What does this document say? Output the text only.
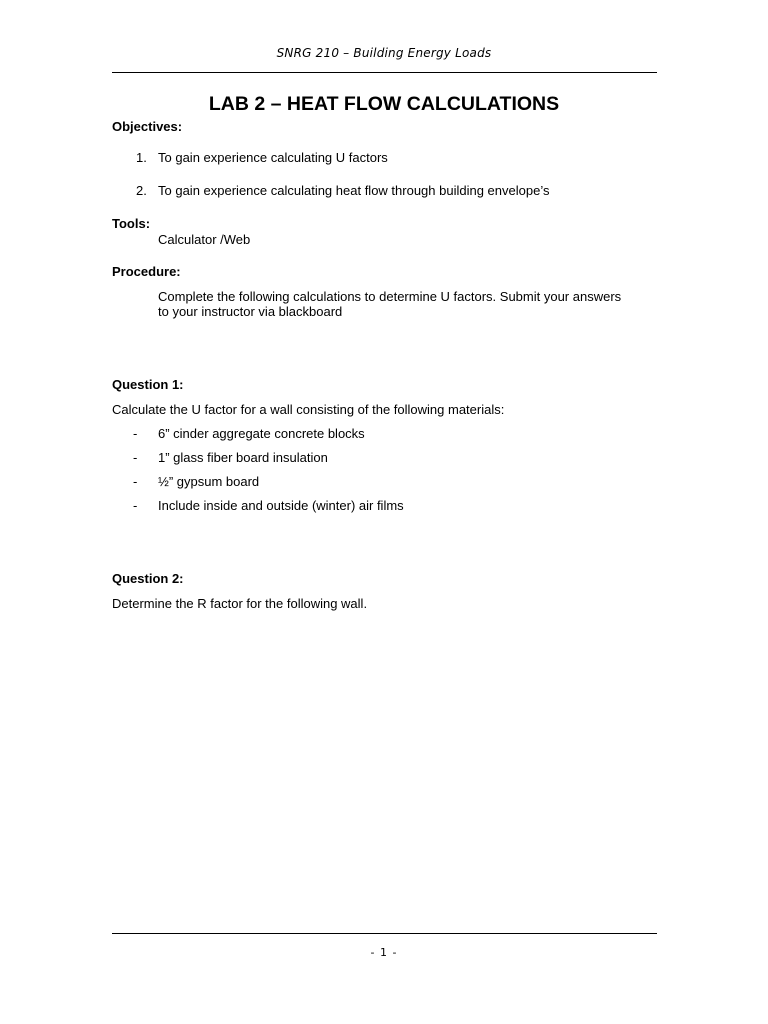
SNRG 210 – Building Energy Loads
LAB 2 – HEAT FLOW CALCULATIONS
Objectives:
1. To gain experience calculating U factors
2. To gain experience calculating heat flow through building envelope’s
Tools:
Calculator /Web
Procedure:
Complete the following calculations to determine U factors. Submit your answers
to your instructor via blackboard
Question 1:
Calculate the U factor for a wall consisting of the following materials:
- 6” cinder aggregate concrete blocks
- 1” glass fiber board insulation
- ½” gypsum board
- Include inside and outside (winter) air films
Question 2:
Determine the R factor for the following wall.
- 1 -
